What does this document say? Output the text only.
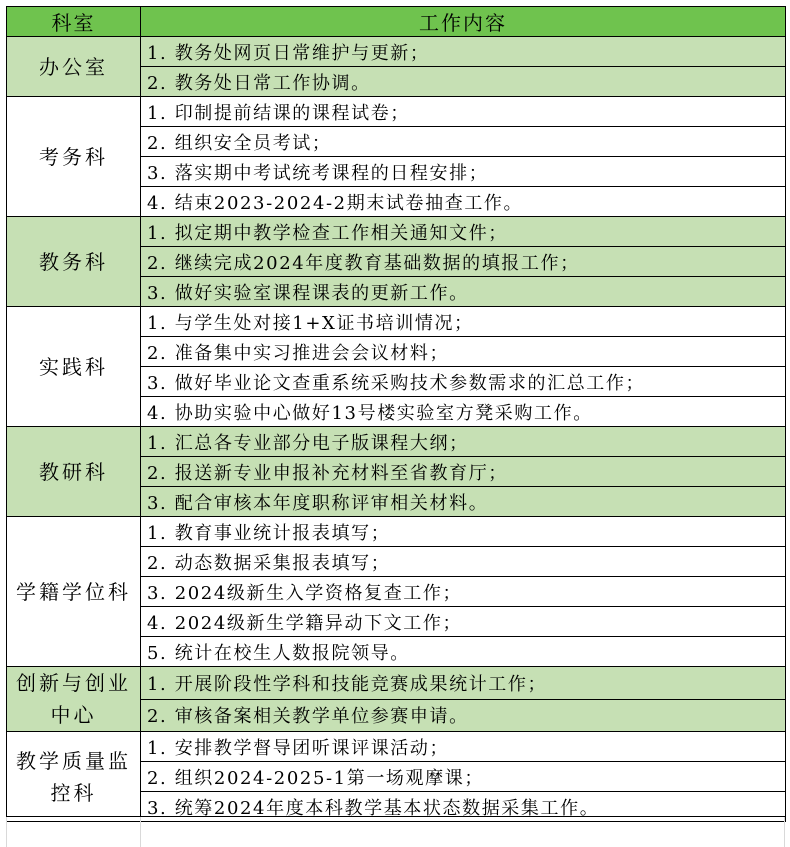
科室	工作内容
办公室	1. 教务处网页日常维护与更新；
	2. 教务处日常工作协调。
考务科	1. 印制提前结课的课程试卷；
	2. 组织安全员考试；
	3. 落实期中考试统考课程的日程安排；
	4. 结束2023-2024-2期末试卷抽查工作。
教务科	1. 拟定期中教学检查工作相关通知文件；
	2. 继续完成2024年度教育基础数据的填报工作；
	3. 做好实验室课程课表的更新工作。
实践科	1. 与学生处对接1+X证书培训情况；
	2. 准备集中实习推进会会议材料；
	3. 做好毕业论文查重系统采购技术参数需求的汇总工作；
	4. 协助实验中心做好13号楼实验室方凳采购工作。
教研科	1. 汇总各专业部分电子版课程大纲；
	2. 报送新专业申报补充材料至省教育厅；
	3. 配合审核本年度职称评审相关材料。
学籍学位科	1. 教育事业统计报表填写；
	2. 动态数据采集报表填写；
	3. 2024级新生入学资格复查工作；
	4. 2024级新生学籍异动下文工作；
	5. 统计在校生人数报院领导。
创新与创业
中心	1. 开展阶段性学科和技能竞赛成果统计工作；
	2. 审核备案相关教学单位参赛申请。
教学质量监
控科	1. 安排教学督导团听课评课活动；
	2. 组织2024-2025-1第一场观摩课；
	3. 统筹2024年度本科教学基本状态数据采集工作。
